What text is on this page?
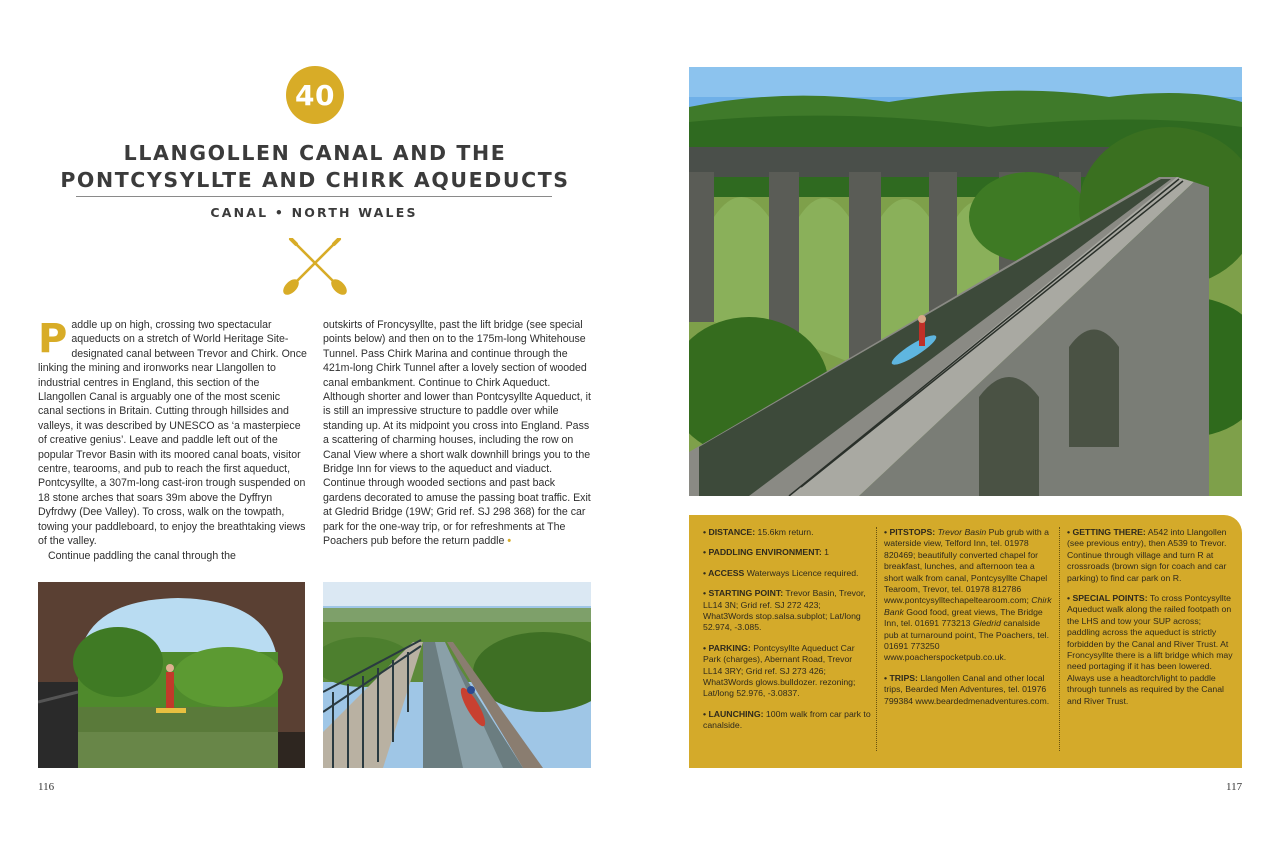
40
LLANGOLLEN CANAL AND THE
PONTCYSYLLTE AND CHIRK AQUEDUCTS
CANAL • NORTH WALES
P addle up on high, crossing two spectacular aqueducts on a stretch of World Heritage Site-designated canal between Trevor and Chirk. Once linking the mining and ironworks near Llangollen to industrial centres in England, this section of the Llangollen Canal is arguably one of the most scenic canal sections in Britain. Cutting through hillsides and valleys, it was described by UNESCO as ‘a masterpiece of creative genius’. Leave and paddle left out of the popular Trevor Basin with its moored canal boats, visitor centre, tearooms, and pub to reach the first aqueduct, Pontcysyllte, a 307m-long cast-iron trough suspended on 18 stone arches that soars 39m above the Dyffryn Dyfrdwy (Dee Valley). To cross, walk on the towpath, towing your paddleboard, to enjoy the breathtaking views of the valley.
Continue paddling the canal through the
outskirts of Froncysyllte, past the lift bridge (see special points below) and then on to the 175m-long Whitehouse Tunnel. Pass Chirk Marina and continue through the 421m-long Chirk Tunnel after a lovely section of wooded canal embankment. Continue to Chirk Aqueduct. Although shorter and lower than Pontcysyllte Aqueduct, it is still an impressive structure to paddle over while standing up. At its midpoint you cross into England. Pass a scattering of charming houses, including the row on Canal View where a short walk downhill brings you to the Bridge Inn for views to the aqueduct and viaduct. Continue through wooded sections and past back gardens decorated to amuse the passing boat traffic. Exit at Gledrid Bridge (19W; Grid ref. SJ 298 368) for the car park for the one-way trip, or for refreshments at The Poachers pub before the return paddle •
116

• DISTANCE: 15.6km return.

• PADDLING ENVIRONMENT: 1

• ACCESS Waterways Licence required.

• STARTING POINT: Trevor Basin, Trevor, LL14 3N; Grid ref. SJ 272 423; What3Words stop.salsa.subplot; Lat/long 52.974, -3.085.

• PARKING: Pontcysyllte Aqueduct Car Park (charges), Abernant Road, Trevor LL14 3RY; Grid ref. SJ 273 426; What3Words glows.bulldozer. rezoning; Lat/long 52.976, -3.0837.

• LAUNCHING: 100m walk from car park to canalside.

• PITSTOPS: Trevor Basin Pub grub with a waterside view, Telford Inn, tel. 01978 820469; beautifully converted chapel for breakfast, lunches, and afternoon tea a short walk from canal, Pontcysyllte Chapel Tearoom, Trevor, tel. 01978 812786 www.pontcysylltechapeltearoom.com; Chirk Bank Good food, great views, The Bridge Inn, tel. 01691 773213 Gledrid canalside pub at turnaround point, The Poachers, tel. 01691 773250 www.poacherspocketpub.co.uk.

• TRIPS: Llangollen Canal and other local trips, Bearded Men Adventures, tel. 01976 799384 www.beardedmenadventures.com.

• GETTING THERE: A542 into Llangollen (see previous entry), then A539 to Trevor. Continue through village and turn R at crossroads (brown sign for coach and car parking) to find car park on R.

• SPECIAL POINTS: To cross Pontcysyllte Aqueduct walk along the railed footpath on the LHS and tow your SUP across; paddling across the aqueduct is strictly forbidden by the Canal and River Trust. At Froncysyllte there is a lift bridge which may need portaging if it has been lowered. Always use a headtorch/light to paddle through tunnels as required by the Canal and River Trust.

117
